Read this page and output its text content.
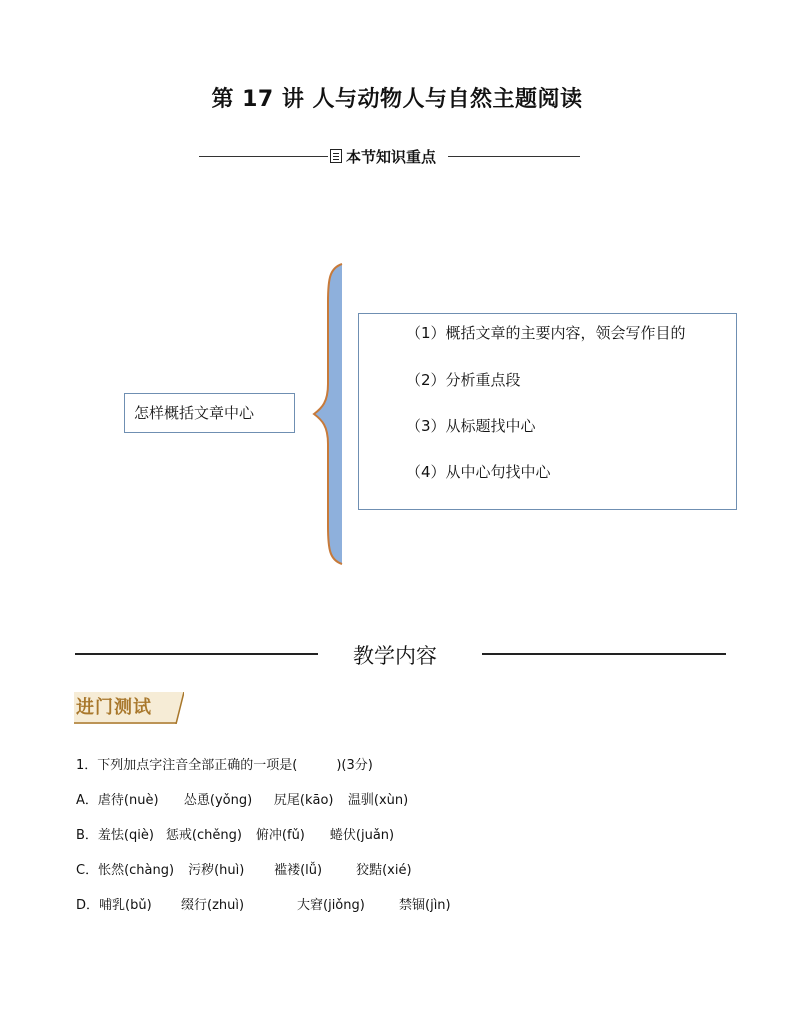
第 17 讲 人与动物人与自然主题阅读
本节知识重点
怎样概括文章中心
（1）概括文章的主要内容，领会写作目的
（2）分析重点段
（3）从标题找中心
（4）从中心句找中心
教学内容
进门测试
1．下列加点字注音全部正确的一项是(　　　)(3分)
A．虐待(nuè) 怂恿(yǒng) 尻尾(kāo) 温驯(xùn)
B．羞怯(qiè) 惩戒(chěng) 俯冲(fǔ) 蜷伏(juǎn)
C．怅然(chàng) 污秽(huì) 褴褛(lǚ)	狡黠(xié)
D．哺乳(bǔ) 缀行(zhuì)	大窘(jiǒng)	禁锢(jìn)
